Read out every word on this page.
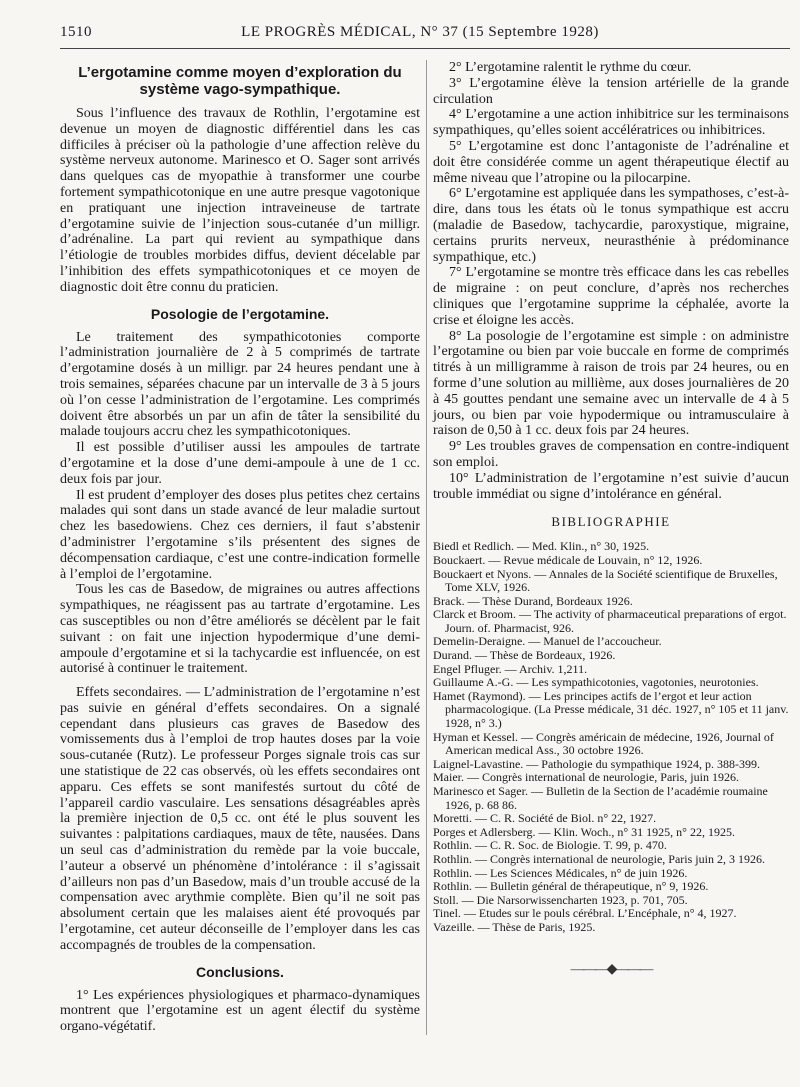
1510	LE PROGRÈS MÉDICAL, N° 37 (15 Septembre 1928)
L’ergotamine comme moyen d’exploration du système vago-sympathique.

Sous l’influence des travaux de Rothlin, l’ergotamine est devenue un moyen de diagnostic différentiel dans les cas difficiles à préciser où la pathologie d’une affection relève du système nerveux autonome. Marinesco et O. Sager sont arrivés dans quelques cas de myopathie à transformer une courbe fortement sympathicotonique en une autre presque vagotonique en pratiquant une injection intraveineuse de tartrate d’ergotamine suivie de l’injection sous-cutanée d’un milligr. d’adrénaline. La part qui revient au sympathique dans l’étiologie de troubles morbides diffus, devient décelable par l’inhibition des effets sympathicotoniques et ce moyen de diagnostic doit être connu du praticien.

Posologie de l’ergotamine.

Le traitement des sympathicotonies comporte l’administration journalière de 2 à 5 comprimés de tartrate d’ergotamine dosés à un milligr. par 24 heures pendant une à trois semaines, séparées chacune par un intervalle de 3 à 5 jours où l’on cesse l’administration de l’ergotamine. Les comprimés doivent être absorbés un par un afin de tâter la sensibilité du malade toujours accru chez les sympathicotoniques.

Il est possible d’utiliser aussi les ampoules de tartrate d’ergotamine et la dose d’une demi-ampoule à une de 1 cc. deux fois par jour.

Il est prudent d’employer des doses plus petites chez certains malades qui sont dans un stade avancé de leur maladie surtout chez les basedowiens. Chez ces derniers, il faut s’abstenir d’administrer l’ergotamine s’ils présentent des signes de décompensation cardiaque, c’est une contre-indication formelle à l’emploi de l’ergotamine.

Tous les cas de Basedow, de migraines ou autres affections sympathiques, ne réagissent pas au tartrate d’ergotamine. Les cas susceptibles ou non d’être améliorés se décèlent par le fait suivant : on fait une injection hypodermique d’une demi-ampoule d’ergotamine et si la tachycardie est influencée, on est autorisé à continuer le traitement.

Effets secondaires. — L’administration de l’ergotamine n’est pas suivie en général d’effets secondaires. On a signalé cependant dans plusieurs cas graves de Basedow des vomissements dus à l’emploi de trop hautes doses par la voie sous-cutanée (Rutz). Le professeur Porges signale trois cas sur une statistique de 22 cas observés, où les effets secondaires ont apparu. Ces effets se sont manifestés surtout du côté de l’appareil cardio vasculaire. Les sensations désagréables après la première injection de 0,5 cc. ont été le plus souvent les suivantes : palpitations cardiaques, maux de tête, nausées. Dans un seul cas d’administration du remède par la voie buccale, l’auteur a observé un phénomène d’intolérance : il s’agissait d’ailleurs non pas d’un Basedow, mais d’un trouble accusé de la compensation avec arythmie complète. Bien qu’il ne soit pas absolument certain que les malaises aient été provoqués par l’ergotamine, cet auteur déconseille de l’employer dans les cas accompagnés de troubles de la compensation.

Conclusions.

1° Les expériences physiologiques et pharmaco-dynamiques montrent que l’ergotamine est un agent électif du système organo-végétatif.

2° L’ergotamine ralentit le rythme du cœur.

3° L’ergotamine élève la tension artérielle de la grande circulation

4° L’ergotamine a une action inhibitrice sur les terminaisons sympathiques, qu’elles soient accélératrices ou inhibitrices.

5° L’ergotamine est donc l’antagoniste de l’adrénaline et doit être considérée comme un agent thérapeutique électif au même niveau que l’atropine ou la pilocarpine.

6° L’ergotamine est appliquée dans les sympathoses, c’est-à-dire, dans tous les états où le tonus sympathique est accru (maladie de Basedow, tachycardie, paroxystique, migraine, certains prurits nerveux, neurasthénie à prédominance sympathique, etc.)

7° L’ergotamine se montre très efficace dans les cas rebelles de migraine : on peut conclure, d’après nos recherches cliniques que l’ergotamine supprime la céphalée, avorte la crise et éloigne les accès.

8° La posologie de l’ergotamine est simple : on administre l’ergotamine ou bien par voie buccale en forme de comprimés titrés à un milligramme à raison de trois par 24 heures, ou en forme d’une solution au millième, aux doses journalières de 20 à 45 gouttes pendant une semaine avec un intervalle de 4 à 5 jours, ou bien par voie hypodermique ou intramusculaire à raison de 0,50 à 1 cc. deux fois par 24 heures.

9° Les troubles graves de compensation en contre-indiquent son emploi.

10° L’administration de l’ergotamine n’est suivie d’aucun trouble immédiat ou signe d’intolérance en général.

BIBLIOGRAPHIE

Biedl et Redlich. — Med. Klin., n° 30, 1925.

Bouckaert. — Revue médicale de Louvain, n° 12, 1926.

Bouckaert et Nyons. — Annales de la Société scientifique de Bruxelles, Tome XLV, 1926.

Brack. — Thèse Durand, Bordeaux 1926.

Clarck et Broom. — The activity of pharmaceutical preparations of ergot. Journ. of. Pharmacist, 926.

Demelin-Deraigne. — Manuel de l’accoucheur.

Durand. — Thèse de Bordeaux, 1926.

Engel Pfluger. — Archiv. 1,211.

Guillaume A.-G. — Les sympathicotonies, vagotonies, neurotonies.

Hamet (Raymond). — Les principes actifs de l’ergot et leur action pharmacologique. (La Presse médicale, 31 déc. 1927, n° 105 et 11 janv. 1928, n° 3.)

Hyman et Kessel. — Congrès américain de médecine, 1926, Journal of American medical Ass., 30 octobre 1926.

Laignel-Lavastine. — Pathologie du sympathique 1924, p. 388-399.

Maier. — Congrès international de neurologie, Paris, juin 1926.

Marinesco et Sager. — Bulletin de la Section de l’académie roumaine 1926, p. 68 86.

Moretti. — C. R. Société de Biol. n° 22, 1927.

Porges et Adlersberg. — Klin. Woch., n° 31 1925, n° 22, 1925.

Rothlin. — C. R. Soc. de Biologie. T. 99, p. 470.

Rothlin. — Congrès international de neurologie, Paris juin 2, 3 1926.

Rothlin. — Les Sciences Médicales, n° de juin 1926.

Rothlin. — Bulletin général de thérapeutique, n° 9, 1926.

Stoll. — Die Narsorwissencharten 1923, p. 701, 705.

Tinel. — Etudes sur le pouls cérébral. L’Encéphale, n° 4, 1927.

Vazeille. — Thèse de Paris, 1925.

———◆———
